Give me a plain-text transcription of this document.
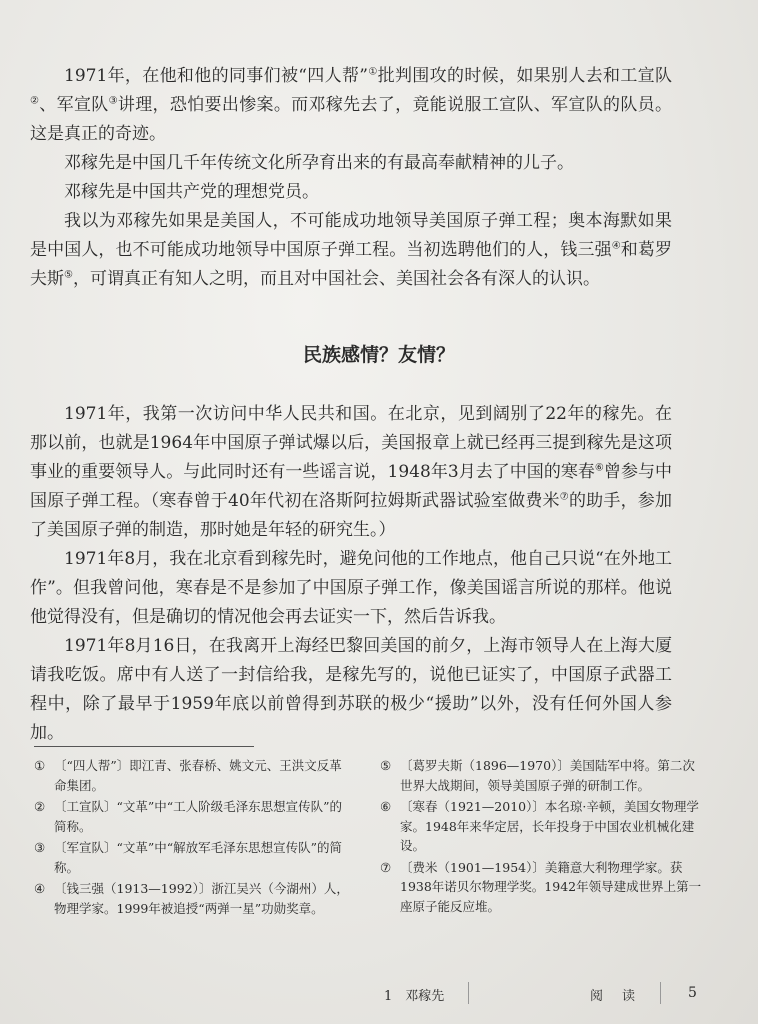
1971年，在他和他的同事们被“四人帮”①批判围攻的时候，如果别人去和工宣队②、军宣队③讲理，恐怕要出惨案。而邓稼先去了，竟能说服工宣队、军宣队的队员。这是真正的奇迹。

邓稼先是中国几千年传统文化所孕育出来的有最高奉献精神的儿子。

邓稼先是中国共产党的理想党员。

我以为邓稼先如果是美国人，不可能成功地领导美国原子弹工程；奥本海默如果是中国人，也不可能成功地领导中国原子弹工程。当初选聘他们的人，钱三强④和葛罗夫斯⑤，可谓真正有知人之明，而且对中国社会、美国社会各有深人的认识。

民族感情？友情？

1971年，我第一次访问中华人民共和国。在北京，见到阔别了22年的稼先。在那以前，也就是1964年中国原子弹试爆以后，美国报章上就已经再三提到稼先是这项事业的重要领导人。与此同时还有一些谣言说，1948年3月去了中国的寒春⑥曾参与中国原子弹工程。（寒春曾于40年代初在洛斯阿拉姆斯武器试验室做费米⑦的助手，参加了美国原子弹的制造，那时她是年轻的研究生。）

1971年8月，我在北京看到稼先时，避免问他的工作地点，他自己只说“在外地工作”。但我曾问他，寒春是不是参加了中国原子弹工作，像美国谣言所说的那样。他说他觉得没有，但是确切的情况他会再去证实一下，然后告诉我。

1971年8月16日，在我离开上海经巴黎回美国的前夕，上海市领导人在上海大厦请我吃饭。席中有人送了一封信给我，是稼先写的，说他已证实了，中国原子武器工程中，除了最早于1959年底以前曾得到苏联的极少“援助”以外，没有任何外国人参加。

① 〔“四人帮”〕即江青、张春桥、姚文元、王洪文反革命集团。
② 〔工宣队〕“文革”中“工人阶级毛泽东思想宣传队”的简称。
③ 〔军宣队〕“文革”中“解放军毛泽东思想宣传队”的简称。
④ 〔钱三强（1913—1992）〕浙江吴兴（今湖州）人，物理学家。1999年被追授“两弹一星”功勋奖章。
⑤ 〔葛罗夫斯（1896—1970）〕美国陆军中将。第二次世界大战期间，领导美国原子弹的研制工作。
⑥ 〔寒春（1921—2010）〕本名琼·辛顿，美国女物理学家。1948年来华定居，长年投身于中国农业机械化建设。
⑦ 〔费米（1901—1954）〕美籍意大利物理学家。获1938年诺贝尔物理学奖。1942年领导建成世界上第一座原子能反应堆。
1　邓稼先	阅　读	5
